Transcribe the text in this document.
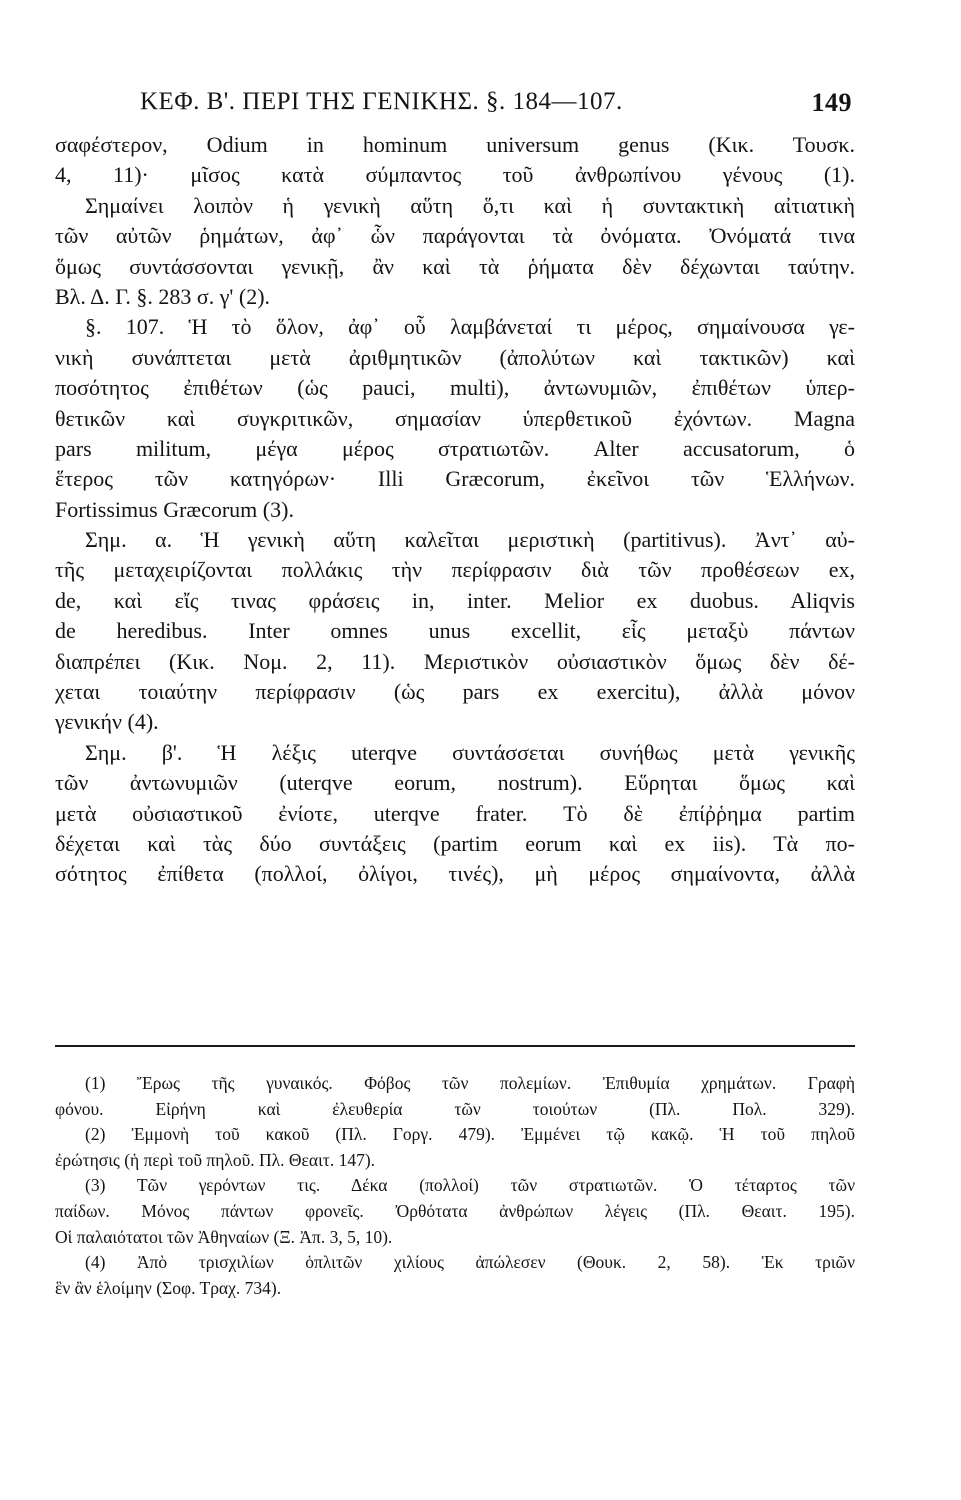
ΚΕΦ. Β'. ΠΕΡΙ ΤΗΣ ΓΕΝΙΚΗΣ. §. 184—107.	149
σαφέστερον, Odium in hominum universum genus (Κικ. Τουσκ.
4, 11)· μῖσος κατὰ σύμπαντος τοῦ ἀνθρωπίνου γένους (1).
Σημαίνει λοιπὸν ἡ γενικὴ αὕτη ὅ,τι καὶ ἡ συντακτικὴ αἰτιατικὴ
τῶν αὐτῶν ῥημάτων, ἀφ᾽ ὧν παράγονται τὰ ὀνόματα. Ὀνόματά τινα
ὅμως συντάσσονται γενικῇ, ἂν καὶ τὰ ῥήματα δὲν δέχωνται ταύτην.
Βλ. Δ. Γ. §. 283 σ. γ' (2).
§. 107. Ἡ τὸ ὅλον, ἀφ᾽ οὗ λαμβάνεταί τι μέρος, σημαίνουσα γε-
νικὴ συνάπτεται μετὰ ἀριθμητικῶν (ἀπολύτων καὶ τακτικῶν) καὶ
ποσότητος ἐπιθέτων (ὡς pauci, multi), ἀντωνυμιῶν, ἐπιθέτων ὑπερ-
θετικῶν καὶ συγκριτικῶν, σημασίαν ὑπερθετικοῦ ἐχόντων. Magna
pars militum, μέγα μέρος στρατιωτῶν. Alter accusatorum, ὁ
ἕτερος τῶν κατηγόρων· Illi Græcorum, ἐκεῖνοι τῶν Ἑλλήνων.
Fortissimus Græcorum (3).
Σημ. α. Ἡ γενικὴ αὕτη καλεῖται μεριστικὴ (partitivus). Ἀντ᾽ αὐ-
τῆς μεταχειρίζονται πολλάκις τὴν περίφρασιν διὰ τῶν προθέσεων ex,
de, καὶ εἴς τινας φράσεις in, inter. Melior ex duobus. Aliqvis
de heredibus. Inter omnes unus excellit, εἷς μεταξὺ πάντων
διαπρέπει (Κικ. Νομ. 2, 11). Μεριστικὸν οὐσιαστικὸν ὅμως δὲν δέ-
χεται τοιαύτην περίφρασιν (ὡς pars ex exercitu), ἀλλὰ μόνον
γενικήν (4).
Σημ. β'. Ἡ λέξις uterqve συντάσσεται συνήθως μετὰ γενικῆς
τῶν ἀντωνυμιῶν (uterqve eorum, nostrum). Εὕρηται ὅμως καὶ
μετὰ οὐσιαστικοῦ ἐνίοτε, uterqve frater. Τὸ δὲ ἐπίῤῥημα partim
δέχεται καὶ τὰς δύο συντάξεις (partim eorum καὶ ex iis). Τὰ πο-
σότητος ἐπίθετα (πολλοί, ὀλίγοι, τινές), μὴ μέρος σημαίνοντα, ἀλλὰ
(1) Ἔρως τῆς γυναικός. Φόβος τῶν πολεμίων. Ἐπιθυμία χρημάτων. Γραφὴ
φόνου. Εἰρήνη καὶ ἐλευθερία τῶν τοιούτων (Πλ. Πολ. 329).
(2) Ἐμμονὴ τοῦ κακοῦ (Πλ. Γοργ. 479). Ἐμμένει τῷ κακῷ. Ἡ τοῦ πηλοῦ
ἐρώτησις (ἡ περὶ τοῦ πηλοῦ. Πλ. Θεαιτ. 147).
(3) Τῶν γερόντων τις. Δέκα (πολλοί) τῶν στρατιωτῶν. Ὁ τέταρτος τῶν
παίδων. Μόνος πάντων φρονεῖς. Ὀρθότατα ἀνθρώπων λέγεις (Πλ. Θεαιτ. 195).
Οἱ παλαιότατοι τῶν Ἀθηναίων (Ξ. Ἀπ. 3, 5, 10).
(4) Ἀπὸ τρισχιλίων ὁπλιτῶν χιλίους ἀπώλεσεν (Θουκ. 2, 58). Ἐκ τριῶν
ἓν ἂν ἑλοίμην (Σοφ. Τραχ. 734).
